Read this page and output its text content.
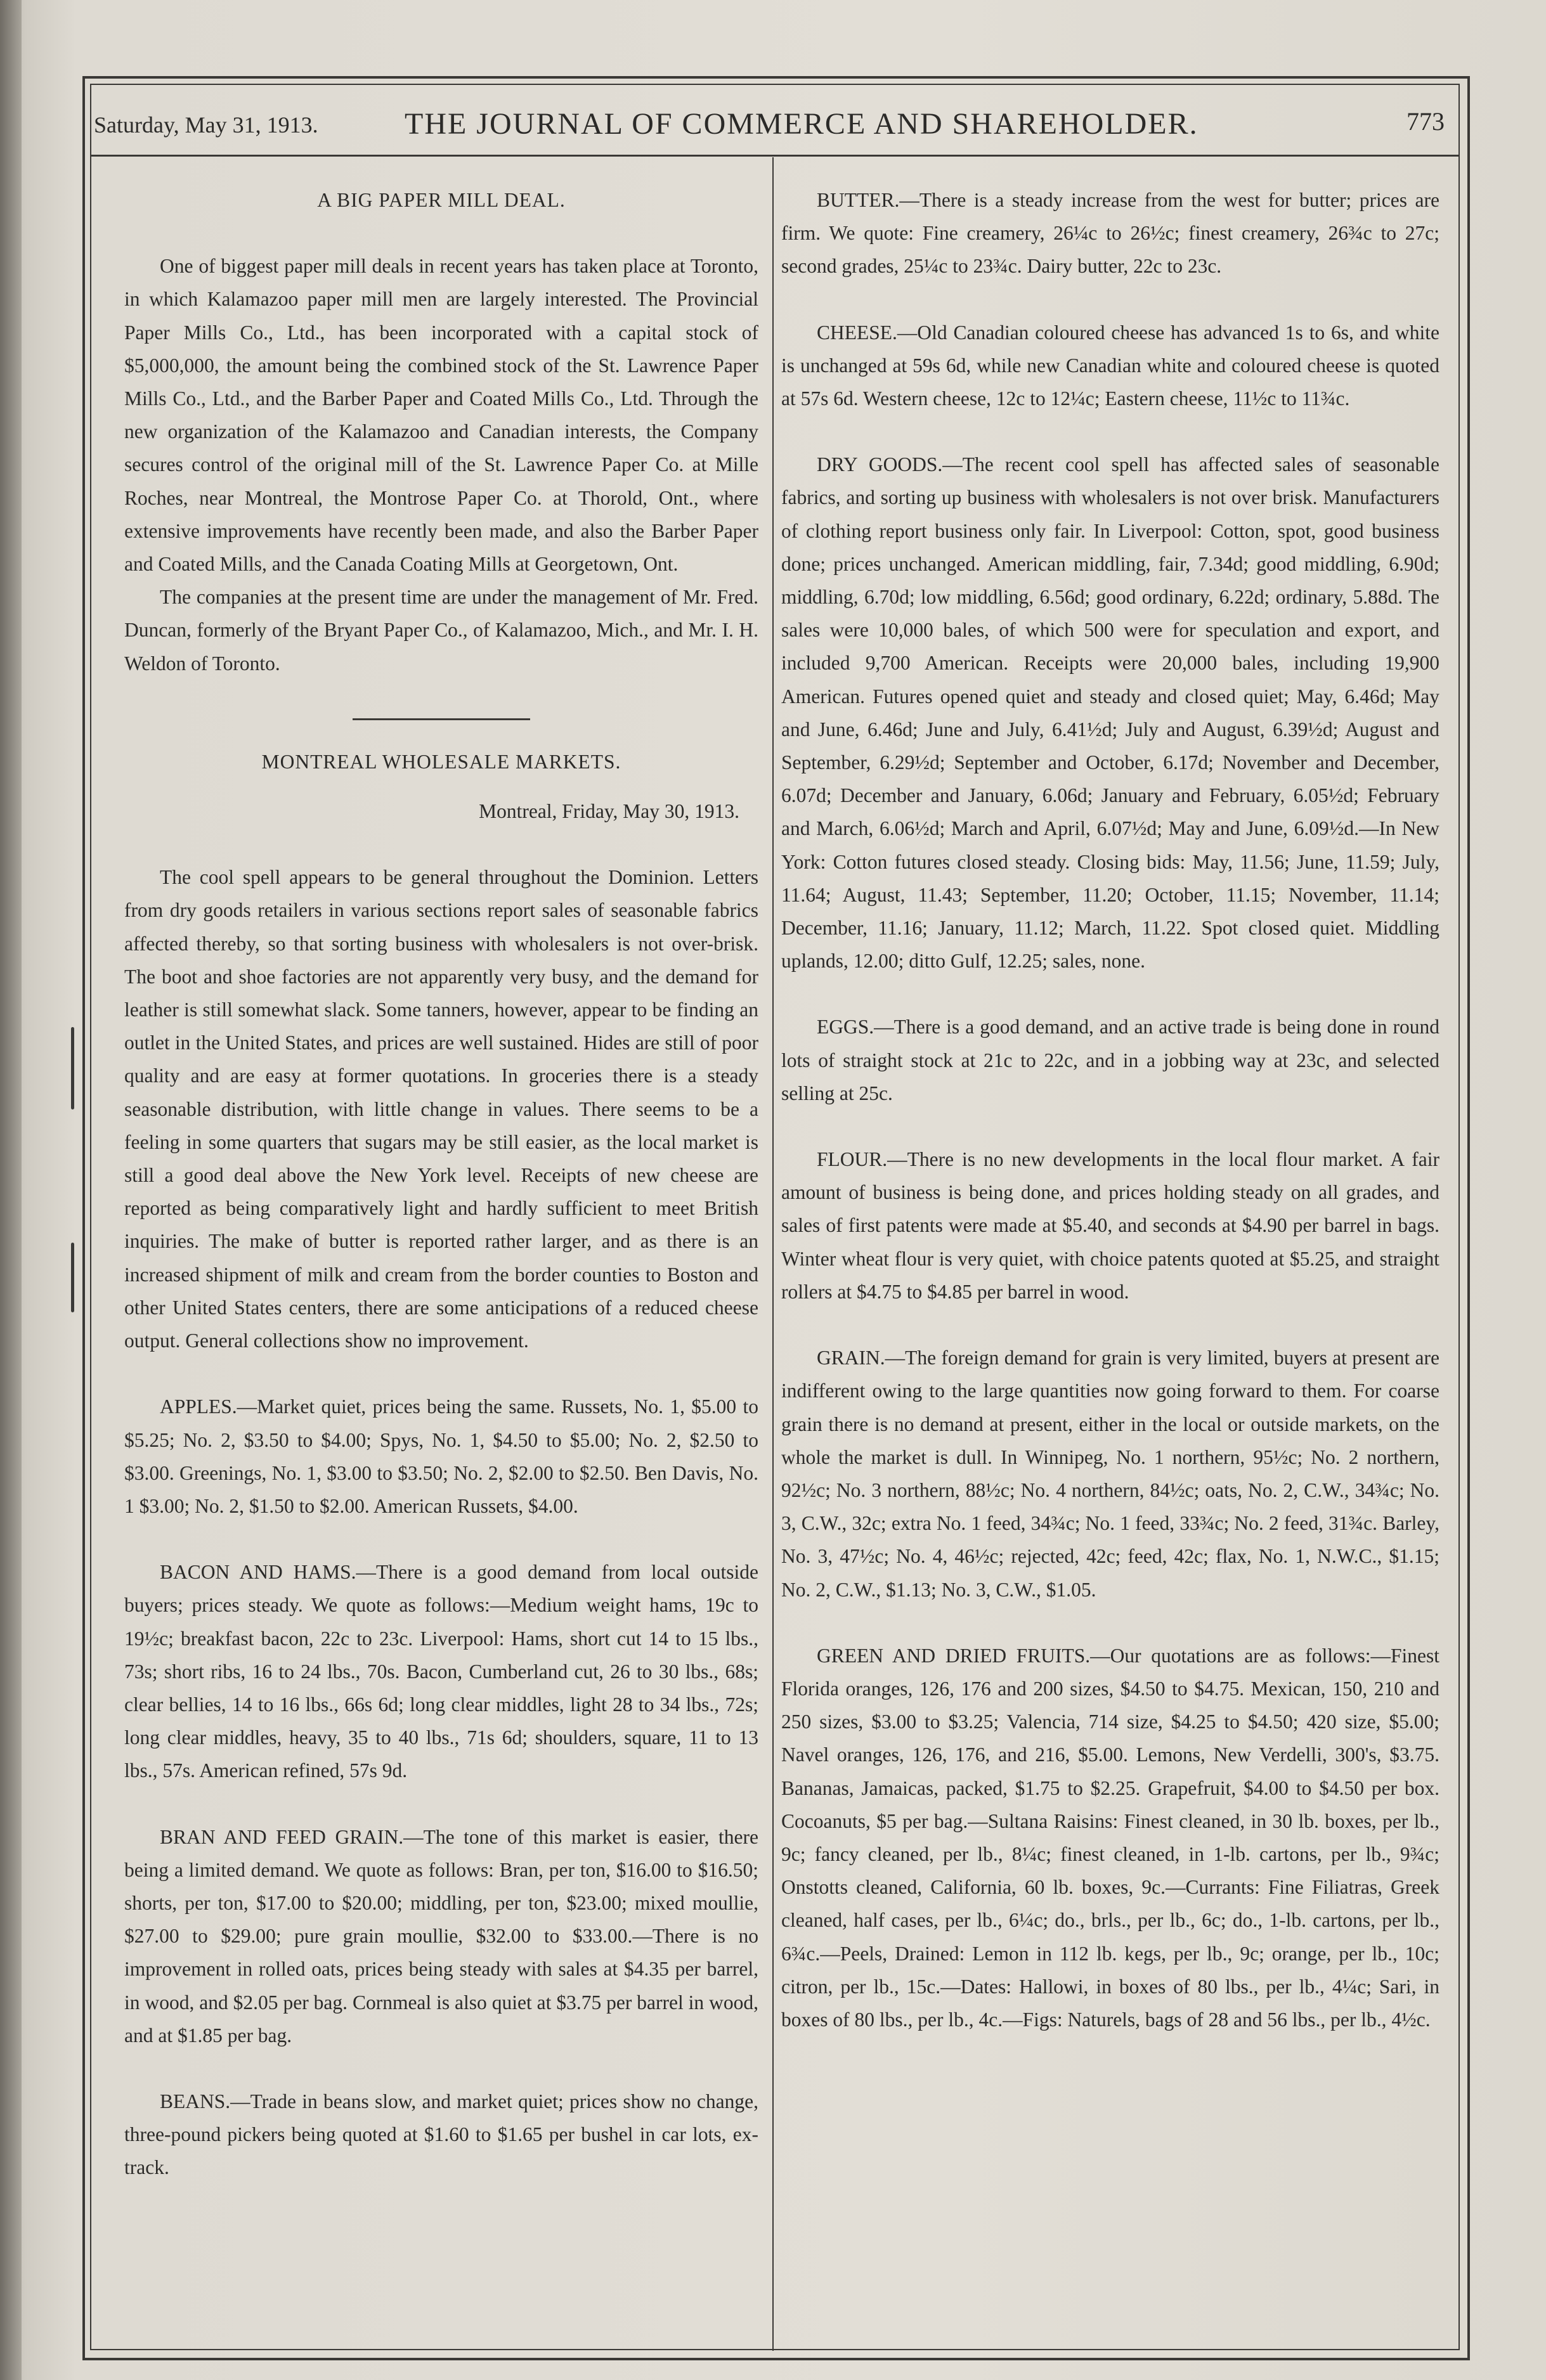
Saturday, May 31, 1913.	THE JOURNAL OF COMMERCE AND SHAREHOLDER.	773

A BIG PAPER MILL DEAL.

One of biggest paper mill deals in recent years has taken place at Toronto, in which Kalamazoo paper mill men are largely interested. The Provincial Paper Mills Co., Ltd., has been incorporated with a capital stock of $5,000,000, the amount being the combined stock of the St. Lawrence Paper Mills Co., Ltd., and the Barber Paper and Coated Mills Co., Ltd. Through the new organization of the Kalamazoo and Canadian interests, the Company secures control of the original mill of the St. Lawrence Paper Co. at Mille Roches, near Montreal, the Montrose Paper Co. at Thorold, Ont., where extensive improvements have recently been made, and also the Barber Paper and Coated Mills, and the Canada Coating Mills at Georgetown, Ont.

The companies at the present time are under the management of Mr. Fred. Duncan, formerly of the Bryant Paper Co., of Kalamazoo, Mich., and Mr. I. H. Weldon of Toronto.

MONTREAL WHOLESALE MARKETS.

Montreal, Friday, May 30, 1913.

The cool spell appears to be general throughout the Dominion. Letters from dry goods retailers in various sections report sales of seasonable fabrics affected thereby, so that sorting business with wholesalers is not over-brisk. The boot and shoe factories are not apparently very busy, and the demand for leather is still somewhat slack. Some tanners, however, appear to be finding an outlet in the United States, and prices are well sustained. Hides are still of poor quality and are easy at former quotations. In groceries there is a steady seasonable distribution, with little change in values. There seems to be a feeling in some quarters that sugars may be still easier, as the local market is still a good deal above the New York level. Receipts of new cheese are reported as being comparatively light and hardly sufficient to meet British inquiries. The make of butter is reported rather larger, and as there is an increased shipment of milk and cream from the border counties to Boston and other United States centers, there are some anticipations of a reduced cheese output. General collections show no improvement.

APPLES.—Market quiet, prices being the same. Russets, No. 1, $5.00 to $5.25; No. 2, $3.50 to $4.00; Spys, No. 1, $4.50 to $5.00; No. 2, $2.50 to $3.00. Greenings, No. 1, $3.00 to $3.50; No. 2, $2.00 to $2.50. Ben Davis, No. 1 $3.00; No. 2, $1.50 to $2.00. American Russets, $4.00.

BACON AND HAMS.—There is a good demand from local outside buyers; prices steady. We quote as follows:—Medium weight hams, 19c to 19½c; breakfast bacon, 22c to 23c. Liverpool: Hams, short cut 14 to 15 lbs., 73s; short ribs, 16 to 24 lbs., 70s. Bacon, Cumberland cut, 26 to 30 lbs., 68s; clear bellies, 14 to 16 lbs., 66s 6d; long clear middles, light 28 to 34 lbs., 72s; long clear middles, heavy, 35 to 40 lbs., 71s 6d; shoulders, square, 11 to 13 lbs., 57s. American refined, 57s 9d.

BRAN AND FEED GRAIN.—The tone of this market is easier, there being a limited demand. We quote as follows: Bran, per ton, $16.00 to $16.50; shorts, per ton, $17.00 to $20.00; middling, per ton, $23.00; mixed moullie, $27.00 to $29.00; pure grain moullie, $32.00 to $33.00.—There is no improvement in rolled oats, prices being steady with sales at $4.35 per barrel, in wood, and $2.05 per bag. Cornmeal is also quiet at $3.75 per barrel in wood, and at $1.85 per bag.

BEANS.—Trade in beans slow, and market quiet; prices show no change, three-pound pickers being quoted at $1.60 to $1.65 per bushel in car lots, ex-track.

BUTTER.—There is a steady increase from the west for butter; prices are firm. We quote: Fine creamery, 26¼c to 26½c; finest creamery, 26¾c to 27c; second grades, 25¼c to 23¾c. Dairy butter, 22c to 23c.

CHEESE.—Old Canadian coloured cheese has advanced 1s to 6s, and white is unchanged at 59s 6d, while new Canadian white and coloured cheese is quoted at 57s 6d. Western cheese, 12c to 12¼c; Eastern cheese, 11½c to 11¾c.

DRY GOODS.—The recent cool spell has affected sales of seasonable fabrics, and sorting up business with wholesalers is not over brisk. Manufacturers of clothing report business only fair. In Liverpool: Cotton, spot, good business done; prices unchanged. American middling, fair, 7.34d; good middling, 6.90d; middling, 6.70d; low middling, 6.56d; good ordinary, 6.22d; ordinary, 5.88d. The sales were 10,000 bales, of which 500 were for speculation and export, and included 9,700 American. Receipts were 20,000 bales, including 19,900 American. Futures opened quiet and steady and closed quiet; May, 6.46d; May and June, 6.46d; June and July, 6.41½d; July and August, 6.39½d; August and September, 6.29½d; September and October, 6.17d; November and December, 6.07d; December and January, 6.06d; January and February, 6.05½d; February and March, 6.06½d; March and April, 6.07½d; May and June, 6.09½d.—In New York: Cotton futures closed steady. Closing bids: May, 11.56; June, 11.59; July, 11.64; August, 11.43; September, 11.20; October, 11.15; November, 11.14; December, 11.16; January, 11.12; March, 11.22. Spot closed quiet. Middling uplands, 12.00; ditto Gulf, 12.25; sales, none.

EGGS.—There is a good demand, and an active trade is being done in round lots of straight stock at 21c to 22c, and in a jobbing way at 23c, and selected selling at 25c.

FLOUR.—There is no new developments in the local flour market. A fair amount of business is being done, and prices holding steady on all grades, and sales of first patents were made at $5.40, and seconds at $4.90 per barrel in bags. Winter wheat flour is very quiet, with choice patents quoted at $5.25, and straight rollers at $4.75 to $4.85 per barrel in wood.

GRAIN.—The foreign demand for grain is very limited, buyers at present are indifferent owing to the large quantities now going forward to them. For coarse grain there is no demand at present, either in the local or outside markets, on the whole the market is dull. In Winnipeg, No. 1 northern, 95½c; No. 2 northern, 92½c; No. 3 northern, 88½c; No. 4 northern, 84½c; oats, No. 2, C.W., 34¾c; No. 3, C.W., 32c; extra No. 1 feed, 34¾c; No. 1 feed, 33¾c; No. 2 feed, 31¾c. Barley, No. 3, 47½c; No. 4, 46½c; rejected, 42c; feed, 42c; flax, No. 1, N.W.C., $1.15; No. 2, C.W., $1.13; No. 3, C.W., $1.05.

GREEN AND DRIED FRUITS.—Our quotations are as follows:—Finest Florida oranges, 126, 176 and 200 sizes, $4.50 to $4.75. Mexican, 150, 210 and 250 sizes, $3.00 to $3.25; Valencia, 714 size, $4.25 to $4.50; 420 size, $5.00; Navel oranges, 126, 176, and 216, $5.00. Lemons, New Verdelli, 300's, $3.75. Bananas, Jamaicas, packed, $1.75 to $2.25. Grapefruit, $4.00 to $4.50 per box. Cocoanuts, $5 per bag.—Sultana Raisins: Finest cleaned, in 30 lb. boxes, per lb., 9c; fancy cleaned, per lb., 8¼c; finest cleaned, in 1-lb. cartons, per lb., 9¾c; Onstotts cleaned, California, 60 lb. boxes, 9c.—Currants: Fine Filiatras, Greek cleaned, half cases, per lb., 6¼c; do., brls., per lb., 6c; do., 1-lb. cartons, per lb., 6¾c.—Peels, Drained: Lemon in 112 lb. kegs, per lb., 9c; orange, per lb., 10c; citron, per lb., 15c.—Dates: Hallowi, in boxes of 80 lbs., per lb., 4¼c; Sari, in boxes of 80 lbs., per lb., 4c.—Figs: Naturels, bags of 28 and 56 lbs., per lb., 4½c.
